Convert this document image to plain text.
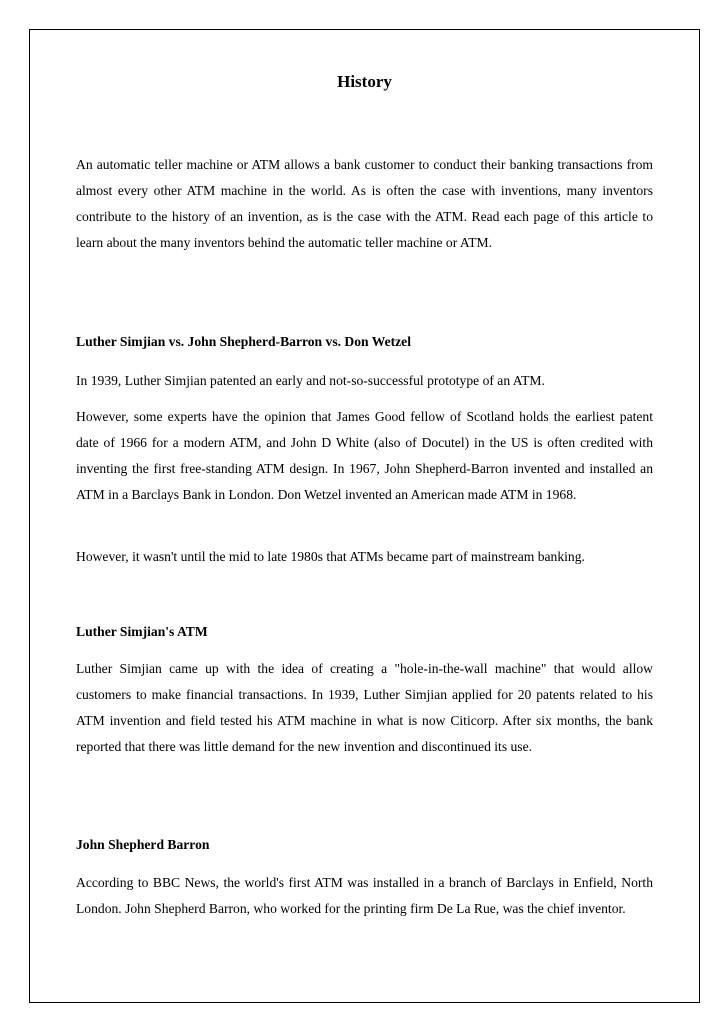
History

An automatic teller machine or ATM allows a bank customer to conduct their banking transactions from almost every other ATM machine in the world. As is often the case with inventions, many inventors contribute to the history of an invention, as is the case with the ATM. Read each page of this article to learn about the many inventors behind the automatic teller machine or ATM.

Luther Simjian vs. John Shepherd-Barron vs. Don Wetzel

In 1939, Luther Simjian patented an early and not-so-successful prototype of an ATM.

However, some experts have the opinion that James Good fellow of Scotland holds the earliest patent date of 1966 for a modern ATM, and John D White (also of Docutel) in the US is often credited with inventing the first free-standing ATM design. In 1967, John Shepherd-Barron invented and installed an ATM in a Barclays Bank in London. Don Wetzel invented an American made ATM in 1968.

However, it wasn't until the mid to late 1980s that ATMs became part of mainstream banking.

Luther Simjian's ATM

Luther Simjian came up with the idea of creating a "hole-in-the-wall machine" that would allow customers to make financial transactions. In 1939, Luther Simjian applied for 20 patents related to his ATM invention and field tested his ATM machine in what is now Citicorp. After six months, the bank reported that there was little demand for the new invention and discontinued its use.

John Shepherd Barron

According to BBC News, the world's first ATM was installed in a branch of Barclays in Enfield, North London. John Shepherd Barron, who worked for the printing firm De La Rue, was the chief inventor.
